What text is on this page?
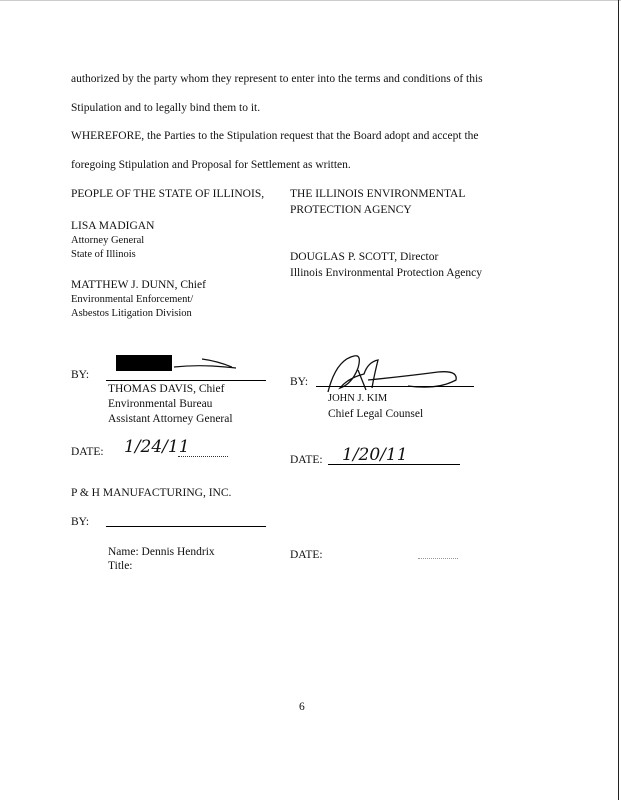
authorized by the party whom they represent to enter into the terms and conditions of this
Stipulation and to legally bind them to it.
WHEREFORE, the Parties to the Stipulation request that the Board adopt and accept the
foregoing Stipulation and Proposal for Settlement as written.
PEOPLE OF THE STATE OF ILLINOIS,
LISA MADIGAN
Attorney General
State of Illinois
MATTHEW J. DUNN, Chief
Environmental Enforcement/
Asbestos Litigation Division
THE ILLINOIS ENVIRONMENTAL
PROTECTION AGENCY
DOUGLAS P. SCOTT, Director
Illinois Environmental Protection Agency
BY:
THOMAS DAVIS, Chief
Environmental Bureau
Assistant Attorney General
DATE: 1/24/11
BY:
JOHN J. KIM
Chief Legal Counsel
DATE: 1/20/11
P & H MANUFACTURING, INC.
BY:
Name: Dennis Hendrix
Title:
DATE:
6
